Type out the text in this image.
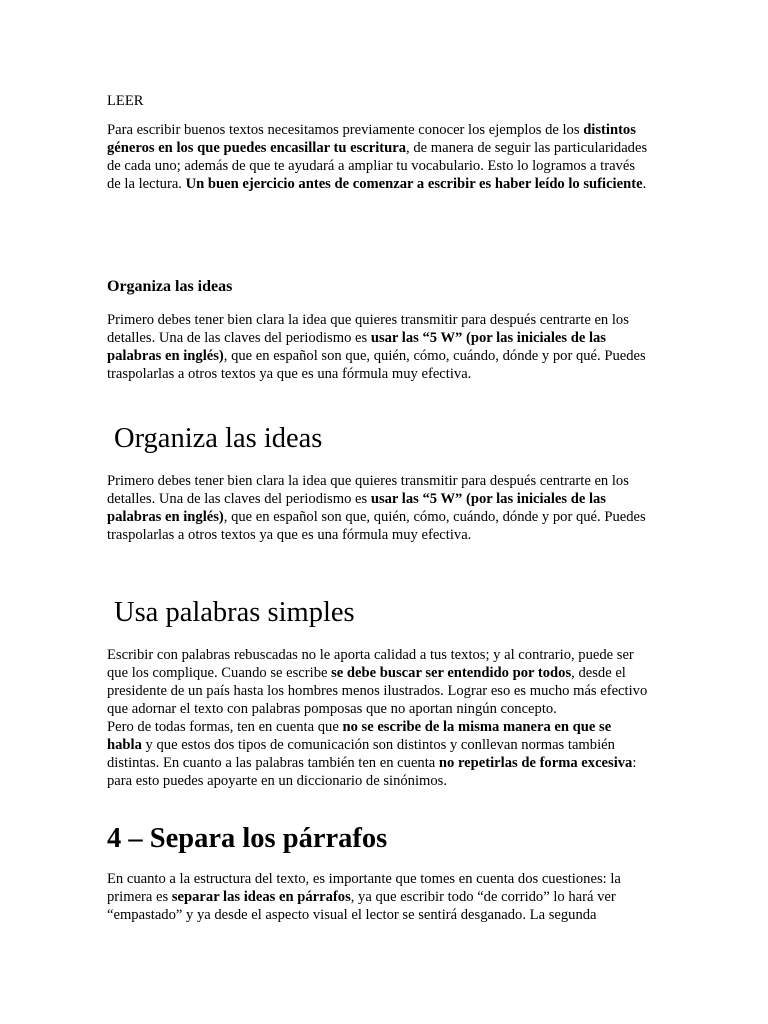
LEER

Para escribir buenos textos necesitamos previamente conocer los ejemplos de los distintos
géneros en los que puedes encasillar tu escritura, de manera de seguir las particularidades
de cada uno; además de que te ayudará a ampliar tu vocabulario. Esto lo logramos a través
de la lectura. Un buen ejercicio antes de comenzar a escribir es haber leído lo suficiente.

Organiza las ideas

Primero debes tener bien clara la idea que quieres transmitir para después centrarte en los
detalles. Una de las claves del periodismo es usar las “5 W” (por las iniciales de las
palabras en inglés), que en español son que, quién, cómo, cuándo, dónde y por qué. Puedes
traspolarlas a otros textos ya que es una fórmula muy efectiva.

Organiza las ideas

Primero debes tener bien clara la idea que quieres transmitir para después centrarte en los
detalles. Una de las claves del periodismo es usar las “5 W” (por las iniciales de las
palabras en inglés), que en español son que, quién, cómo, cuándo, dónde y por qué. Puedes
traspolarlas a otros textos ya que es una fórmula muy efectiva.

Usa palabras simples

Escribir con palabras rebuscadas no le aporta calidad a tus textos; y al contrario, puede ser
que los complique. Cuando se escribe se debe buscar ser entendido por todos, desde el
presidente de un país hasta los hombres menos ilustrados. Lograr eso es mucho más efectivo
que adornar el texto con palabras pomposas que no aportan ningún concepto.
Pero de todas formas, ten en cuenta que no se escribe de la misma manera en que se
habla y que estos dos tipos de comunicación son distintos y conllevan normas también
distintas. En cuanto a las palabras también ten en cuenta no repetirlas de forma excesiva:
para esto puedes apoyarte en un diccionario de sinónimos.

4 – Separa los párrafos

En cuanto a la estructura del texto, es importante que tomes en cuenta dos cuestiones: la
primera es separar las ideas en párrafos, ya que escribir todo “de corrido” lo hará ver
“empastado” y ya desde el aspecto visual el lector se sentirá desganado. La segunda
